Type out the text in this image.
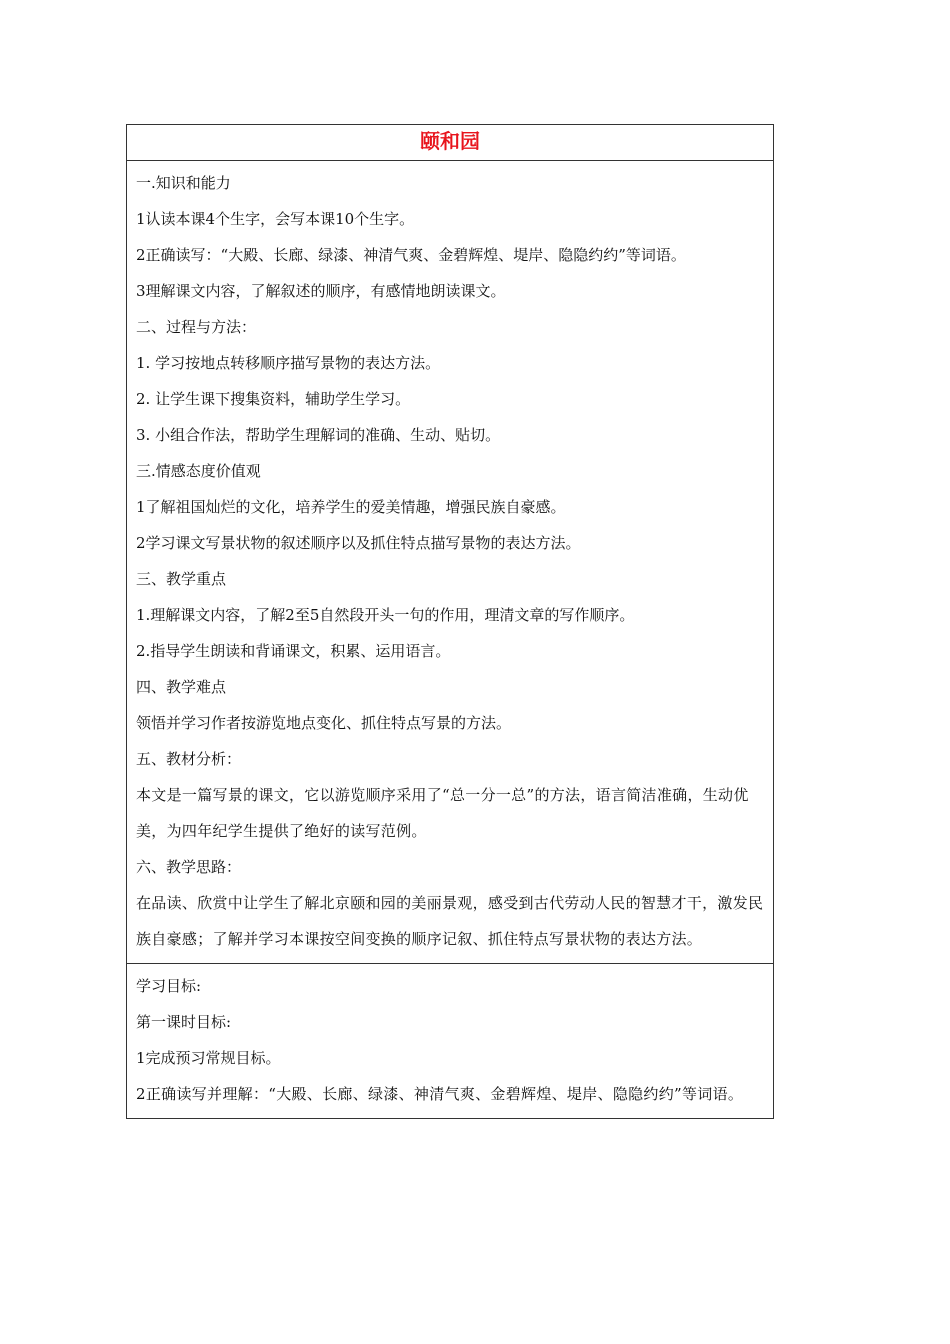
颐和园

一.知识和能力

1认读本课4个生字，会写本课10个生字。

2正确读写：“大殿、长廊、绿漆、神清气爽、金碧辉煌、堤岸、隐隐约约”等词语。

3理解课文内容，了解叙述的顺序，有感情地朗读课文。

二、过程与方法：

1. 学习按地点转移顺序描写景物的表达方法。

2. 让学生课下搜集资料，辅助学生学习。

3. 小组合作法，帮助学生理解词的准确、生动、贴切。

三.情感态度价值观

1了解祖国灿烂的文化，培养学生的爱美情趣，增强民族自豪感。

2学习课文写景状物的叙述顺序以及抓住特点描写景物的表达方法。

三、教学重点

1.理解课文内容，了解2至5自然段开头一句的作用，理清文章的写作顺序。

2.指导学生朗读和背诵课文，积累、运用语言。

四、教学难点

领悟并学习作者按游览地点变化、抓住特点写景的方法。

五、教材分析：

本文是一篇写景的课文，它以游览顺序采用了“总一分一总”的方法，语言简洁准确，生动优美，为四年纪学生提供了绝好的读写范例。

六、教学思路：

在品读、欣赏中让学生了解北京颐和园的美丽景观，感受到古代劳动人民的智慧才干，激发民族自豪感；了解并学习本课按空间变换的顺序记叙、抓住特点写景状物的表达方法。

学习目标:

第一课时目标:

1完成预习常规目标。

2正确读写并理解：“大殿、长廊、绿漆、神清气爽、金碧辉煌、堤岸、隐隐约约”等词语。
